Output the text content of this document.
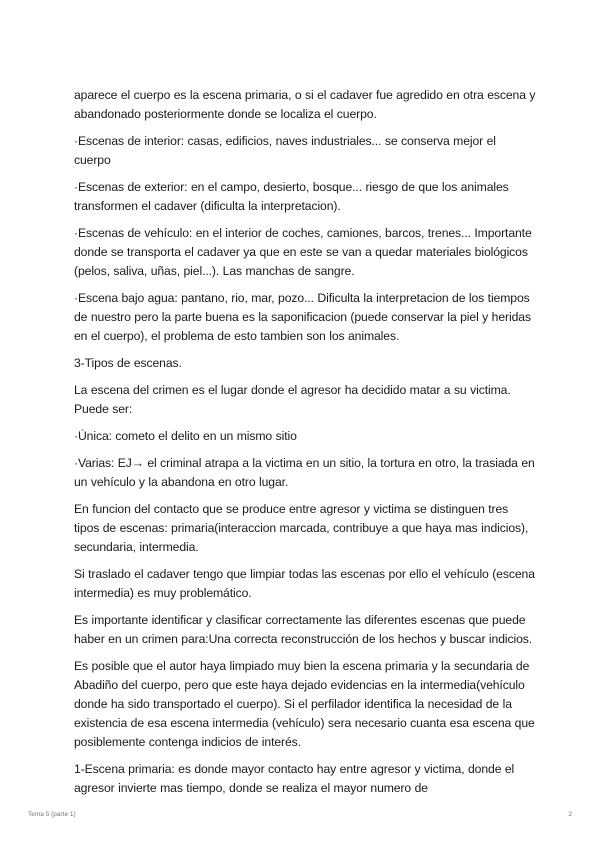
aparece el cuerpo es la escena primaria, o si el cadaver fue agredido en otra escena y abandonado posteriormente donde se localiza el cuerpo.

·Escenas de interior: casas, edificios, naves industriales... se conserva mejor el cuerpo

·Escenas de exterior: en el campo, desierto, bosque... riesgo de que los animales transformen el cadaver (dificulta la interpretacion).

·Escenas de vehículo: en el interior de coches, camiones, barcos, trenes... Importante donde se transporta el cadaver ya que en este se van a quedar materiales biológicos (pelos, saliva, uñas, piel...). Las manchas de sangre.

·Escena bajo agua: pantano, rio, mar, pozo... Dificulta la interpretacion de los tiempos de nuestro pero la parte buena es la saponificacion (puede conservar la piel y heridas en el cuerpo), el problema de esto tambien son los animales.

3-Tipos de escenas.

La escena del crimen es el lugar donde el agresor ha decidido matar a su victima. Puede ser:

·Única: cometo el delito en un mismo sitio

·Varias: EJ→ el criminal atrapa a la victima en un sitio, la tortura en otro, la trasiada en un vehículo y la abandona en otro lugar.

En funcion del contacto que se produce entre agresor y victima se distinguen tres tipos de escenas: primaria(interaccion marcada, contribuye a que haya mas indicios), secundaria, intermedia.

Si traslado el cadaver tengo que limpiar todas las escenas por ello el vehículo (escena intermedia) es muy problemático.

Es importante identificar y clasificar correctamente las diferentes escenas que puede haber en un crimen para:Una correcta reconstrucción de los hechos y buscar indicios.

Es posible que el autor haya limpiado muy bien la escena primaria y la secundaria de Abadiño del cuerpo, pero que este haya dejado evidencias en la intermedia(vehículo donde ha sido transportado el cuerpo). Si el perfilador identifica la necesidad de la existencia de esa escena intermedia (vehículo) sera necesario cuanta esa escena que posiblemente contenga indicios de interés.

1-Escena primaria: es donde mayor contacto hay entre agresor y victima, donde el agresor invierte mas tiempo, donde se realiza el mayor numero de

Tema 5 (parte 1)	2
